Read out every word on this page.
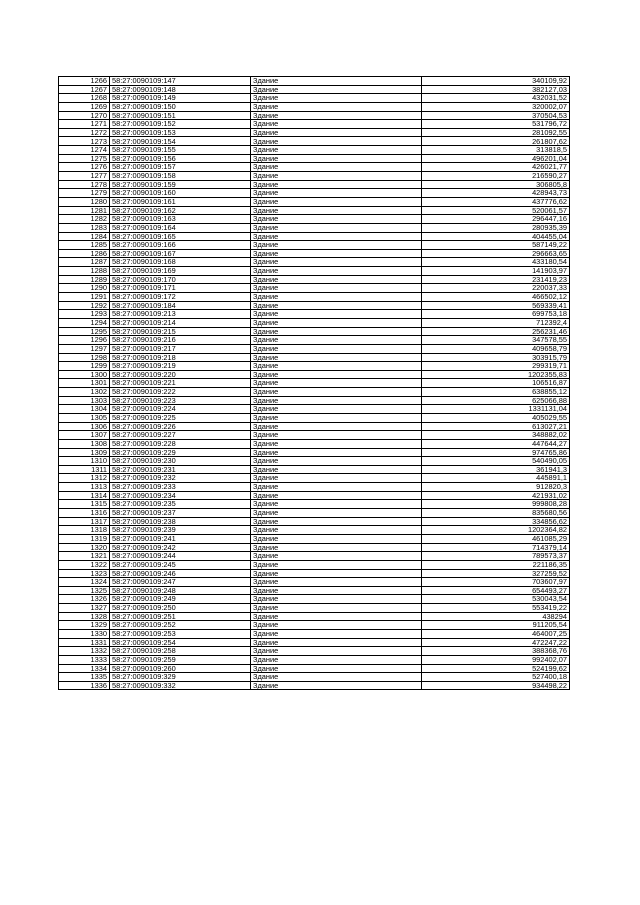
1266	58:27:0090109:147	Здание	340109,92
1267	58:27:0090109:148	Здание	382127,03
1268	58:27:0090109:149	Здание	432031,52
1269	58:27:0090109:150	Здание	320002,07
1270	58:27:0090109:151	Здание	370504,53
1271	58:27:0090109:152	Здание	531796,72
1272	58:27:0090109:153	Здание	281092,55
1273	58:27:0090109:154	Здание	261807,62
1274	58:27:0090109:155	Здание	313818,5
1275	58:27:0090109:156	Здание	496201,04
1276	58:27:0090109:157	Здание	426021,77
1277	58:27:0090109:158	Здание	216590,27
1278	58:27:0090109:159	Здание	306805,8
1279	58:27:0090109:160	Здание	428943,73
1280	58:27:0090109:161	Здание	437776,62
1281	58:27:0090109:162	Здание	520061,57
1282	58:27:0090109:163	Здание	296447,16
1283	58:27:0090109:164	Здание	280935,39
1284	58:27:0090109:165	Здание	404455,04
1285	58:27:0090109:166	Здание	587149,22
1286	58:27:0090109:167	Здание	296663,65
1287	58:27:0090109:168	Здание	433180,54
1288	58:27:0090109:169	Здание	141903,97
1289	58:27:0090109:170	Здание	231419,23
1290	58:27:0090109:171	Здание	220037,33
1291	58:27:0090109:172	Здание	466502,12
1292	58:27:0090109:184	Здание	569339,41
1293	58:27:0090109:213	Здание	699753,18
1294	58:27:0090109:214	Здание	712392,4
1295	58:27:0090109:215	Здание	256231,46
1296	58:27:0090109:216	Здание	347578,55
1297	58:27:0090109:217	Здание	409658,79
1298	58:27:0090109:218	Здание	303915,79
1299	58:27:0090109:219	Здание	299319,71
1300	58:27:0090109:220	Здание	1202355,83
1301	58:27:0090109:221	Здание	106516,87
1302	58:27:0090109:222	Здание	638855,12
1303	58:27:0090109:223	Здание	625066,88
1304	58:27:0090109:224	Здание	1331131,04
1305	58:27:0090109:225	Здание	405029,55
1306	58:27:0090109:226	Здание	613027,21
1307	58:27:0090109:227	Здание	348882,02
1308	58:27:0090109:228	Здание	447644,27
1309	58:27:0090109:229	Здание	974765,86
1310	58:27:0090109:230	Здание	540490,05
1311	58:27:0090109:231	Здание	361941,3
1312	58:27:0090109:232	Здание	445891,1
1313	58:27:0090109:233	Здание	912820,3
1314	58:27:0090109:234	Здание	421931,02
1315	58:27:0090109:235	Здание	999808,28
1316	58:27:0090109:237	Здание	835680,56
1317	58:27:0090109:238	Здание	334856,62
1318	58:27:0090109:239	Здание	1202364,82
1319	58:27:0090109:241	Здание	461085,29
1320	58:27:0090109:242	Здание	714379,14
1321	58:27:0090109:244	Здание	789573,37
1322	58:27:0090109:245	Здание	221186,35
1323	58:27:0090109:246	Здание	327259,52
1324	58:27:0090109:247	Здание	703607,97
1325	58:27:0090109:248	Здание	654493,27
1326	58:27:0090109:249	Здание	530043,54
1327	58:27:0090109:250	Здание	553419,22
1328	58:27:0090109:251	Здание	438294
1329	58:27:0090109:252	Здание	911205,54
1330	58:27:0090109:253	Здание	464007,25
1331	58:27:0090109:254	Здание	472247,22
1332	58:27:0090109:258	Здание	388368,76
1333	58:27:0090109:259	Здание	992402,07
1334	58:27:0090109:260	Здание	524199,62
1335	58:27:0090109:329	Здание	527400,18
1336	58:27:0090109:332	Здание	934498,22
